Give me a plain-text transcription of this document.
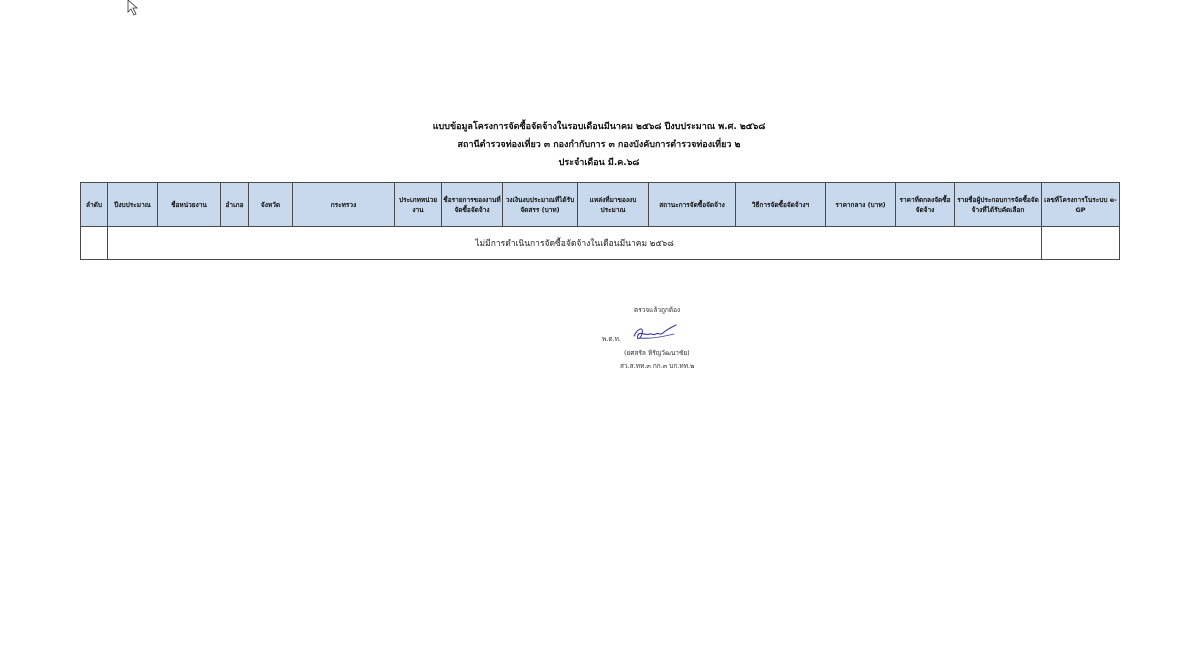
แบบข้อมูลโครงการจัดซื้อจัดจ้างในรอบเดือนมีนาคม ๒๕๖๘ ปีงบประมาณ พ.ศ. ๒๕๖๘
สถานีตำรวจท่องเที่ยว ๓ กองกำกับการ ๓ กองบังคับการตำรวจท่องเที่ยว ๒
ประจำเดือน มี.ค.๖๘
ลำดับ	ปีงบประมาณ	ชื่อหน่วยงาน	อำเภอ	จังหวัด	กระทรวง	ประเภทหน่วยงาน	ชื่อรายการของงานที่จัดซื้อจัดจ้าง	วงเงินงบประมาณที่ได้รับจัดสรร (บาท)	แหล่งที่มาของงบประมาณ	สถานะการจัดซื้อจัดจ้าง	วิธีการจัดซื้อจัดจ้างฯ	ราคากลาง (บาท)	ราคาที่ตกลงจัดซื้อจัดจ้าง	รายชื่อผู้ประกอบการจัดซื้อจัดจ้างที่ได้รับคัดเลือก	เลขที่โครงการในระบบ e-GP
	ไม่มีการดำเนินการจัดซื้อจัดจ้างในเดือนมีนาคม ๒๕๖๘														
ตรวจแล้วถูกต้อง
พ.ต.ท.
(ยศสรัล หิรัญวัฒนาชัย)
สว.ส.ทท.๓ กก.๓ บก.ทท.๒
